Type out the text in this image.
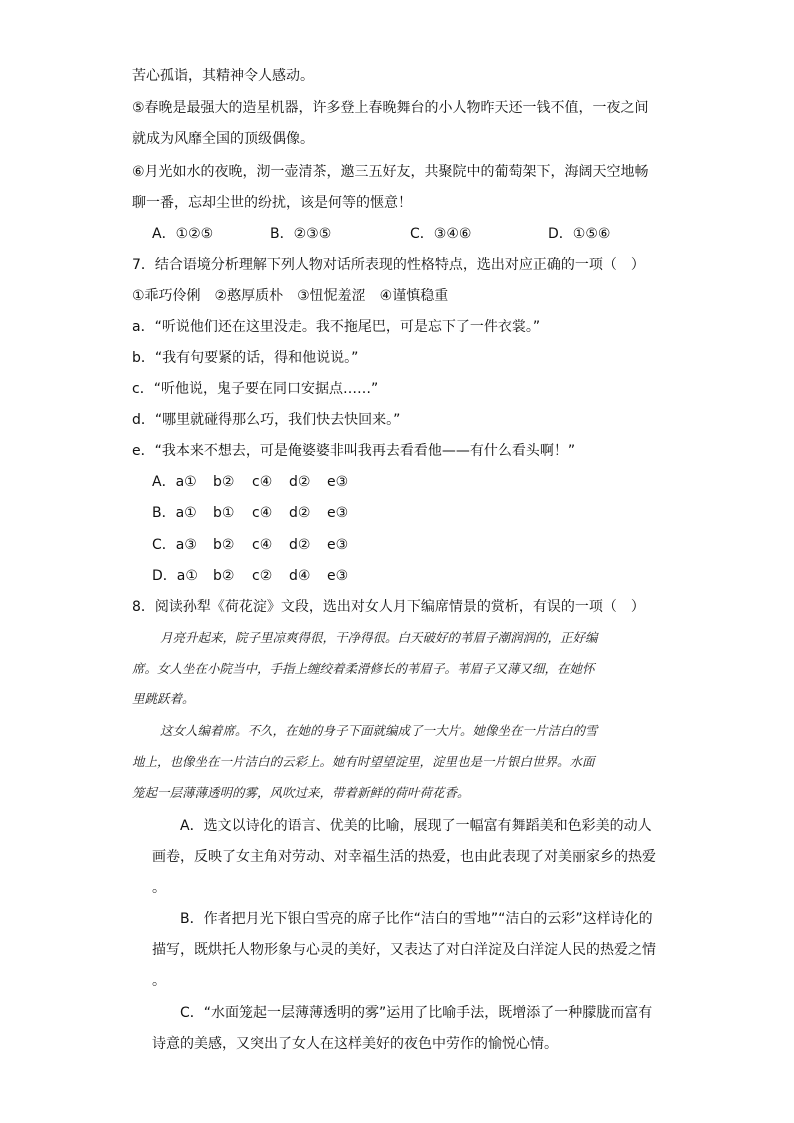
苦心孤诣，其精神令人感动。
⑤春晚是最强大的造星机器，许多登上春晚舞台的小人物昨天还一钱不值，一夜之间
就成为风靡全国的顶级偶像。
⑥月光如水的夜晚，沏一壶清茶，邀三五好友，共聚院中的葡萄架下，海阔天空地畅
聊一番，忘却尘世的纷扰，该是何等的惬意！
A．①②⑤	B．②③⑤	C．③④⑥	D．①⑤⑥
7．结合语境分析理解下列人物对话所表现的性格特点，选出对应正确的一项（　）
①乖巧伶俐　②憨厚质朴　③忸怩羞涩　④谨慎稳重
a．“听说他们还在这里没走。我不拖尾巴，可是忘下了一件衣裳。”
b．“我有句要紧的话，得和他说说。”
c．“听他说，鬼子要在同口安据点……”
d．“哪里就碰得那么巧，我们快去快回来。”
e．“我本来不想去，可是俺婆婆非叫我再去看看他——有什么看头啊！”
A．a① b② c④ d② e③
B．a① b① c④ d② e③
C．a③ b② c④ d② e③
D．a① b② c② d④ e③
8．阅读孙犁《荷花淀》文段，选出对女人月下编席情景的赏析，有误的一项（　）
月亮升起来，院子里凉爽得很，干净得很。白天破好的苇眉子潮润润的，正好编
席。女人坐在小院当中，手指上缠绞着柔滑修长的苇眉子。苇眉子又薄又细，在她怀
里跳跃着。
这女人编着席。不久，在她的身子下面就编成了一大片。她像坐在一片洁白的雪
地上，也像坐在一片洁白的云彩上。她有时望望淀里，淀里也是一片银白世界。水面
笼起一层薄薄透明的雾，风吹过来，带着新鲜的荷叶荷花香。
A．选文以诗化的语言、优美的比喻，展现了一幅富有舞蹈美和色彩美的动人
画卷，反映了女主角对劳动、对幸福生活的热爱，也由此表现了对美丽家乡的热爱
。
B．作者把月光下银白雪亮的席子比作“洁白的雪地”“洁白的云彩”这样诗化的
描写，既烘托人物形象与心灵的美好，又表达了对白洋淀及白洋淀人民的热爱之情
。
C．“水面笼起一层薄薄透明的雾”运用了比喻手法，既增添了一种朦胧而富有
诗意的美感，又突出了女人在这样美好的夜色中劳作的愉悦心情。
